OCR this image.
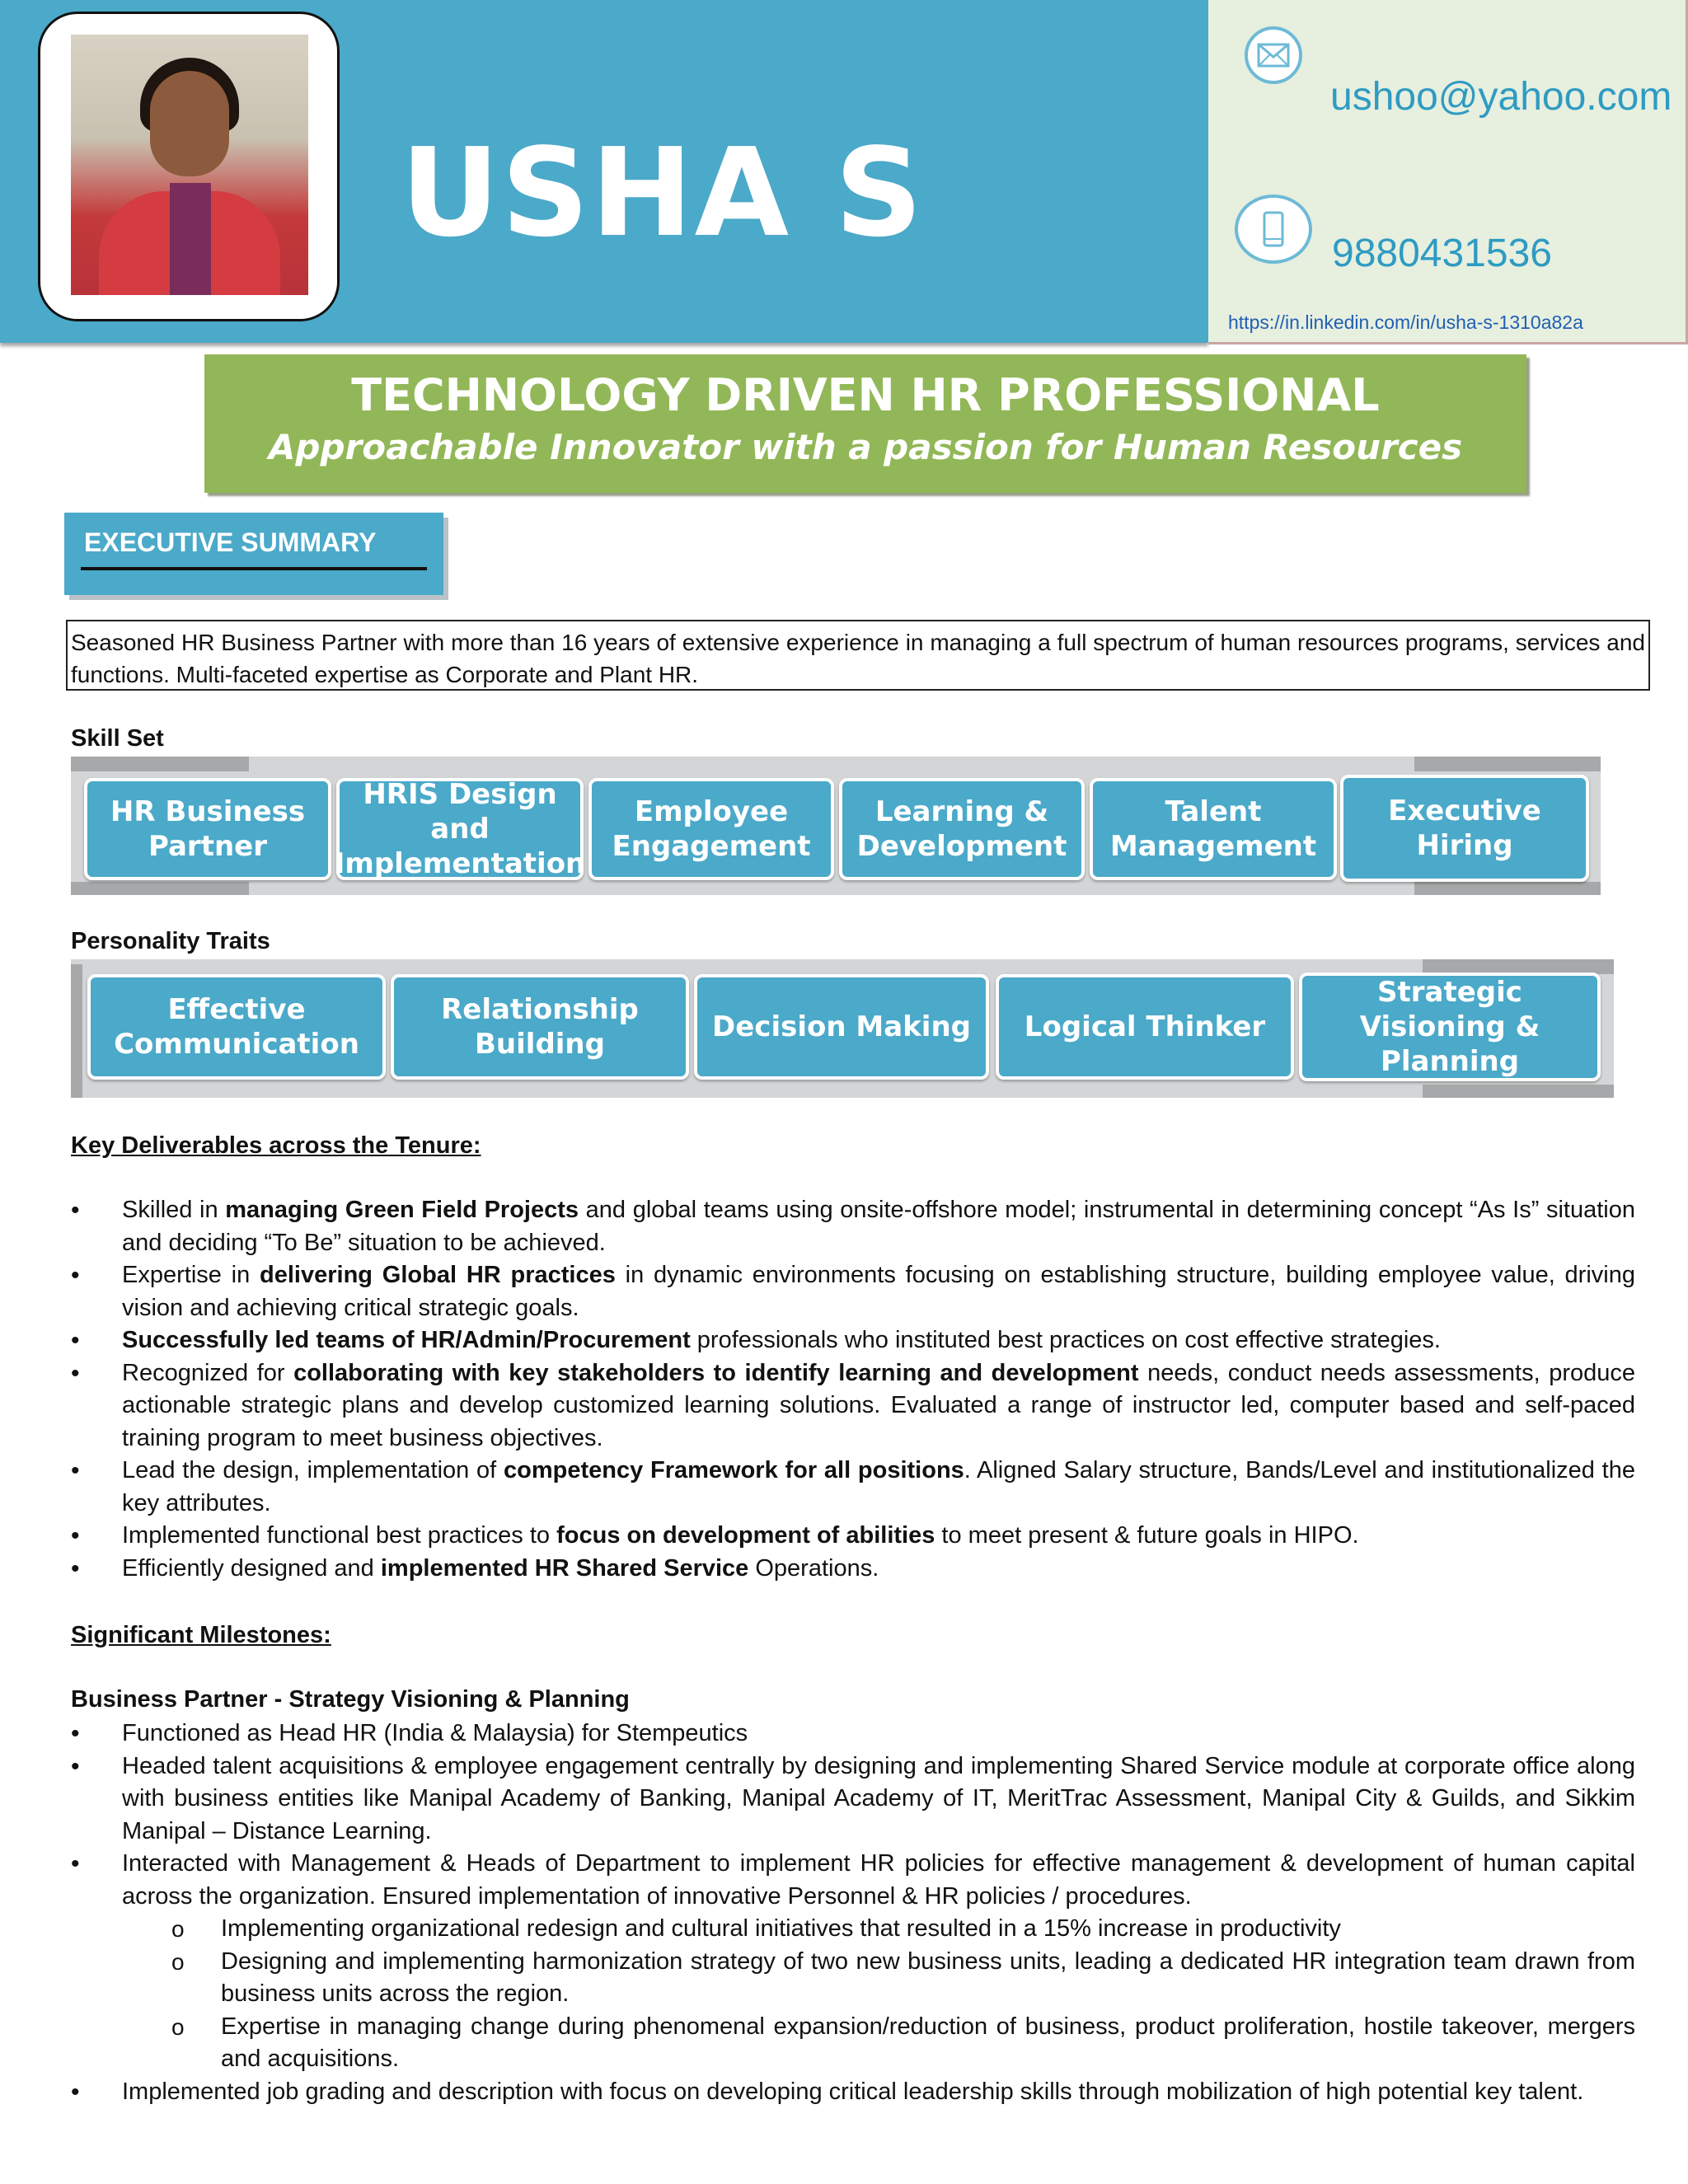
USHA S
ushoo@yahoo.com
9880431536
https://in.linkedin.com/in/usha-s-1310a82a
TECHNOLOGY DRIVEN HR PROFESSIONAL
Approachable Innovator with a passion for Human Resources
EXECUTIVE SUMMARY
Seasoned HR Business Partner with more than 16 years of extensive experience in managing a full spectrum of human resources programs, services and functions. Multi-faceted expertise as Corporate and Plant HR.
Skill Set
HR Business Partner
HRIS Design and Implementation
Employee Engagement
Learning & Development
Talent Management
Executive Hiring
Personality Traits
Effective Communication
Relationship Building
Decision Making	Logical Thinker
Strategic Visioning & Planning
Key Deliverables across the Tenure:
• Skilled in managing Green Field Projects and global teams using onsite-offshore model; instrumental in determining concept “As Is” situation and deciding “To Be” situation to be achieved.
• Expertise in delivering Global HR practices in dynamic environments focusing on establishing structure, building employee value, driving vision and achieving critical strategic goals.
• Successfully led teams of HR/Admin/Procurement professionals who instituted best practices on cost effective strategies.
• Recognized for collaborating with key stakeholders to identify learning and development needs, conduct needs assessments, produce actionable strategic plans and develop customized learning solutions. Evaluated a range of instructor led, computer based and self-paced training program to meet business objectives.
• Lead the design, implementation of competency Framework for all positions. Aligned Salary structure, Bands/Level and institutionalized the key attributes.
• Implemented functional best practices to focus on development of abilities to meet present & future goals in HIPO.
• Efficiently designed and implemented HR Shared Service Operations.
Significant Milestones:
Business Partner - Strategy Visioning & Planning
• Functioned as Head HR (India & Malaysia) for Stempeutics
• Headed talent acquisitions & employee engagement centrally by designing and implementing Shared Service module at corporate office along with business entities like Manipal Academy of Banking, Manipal Academy of IT, MeritTrac Assessment, Manipal City & Guilds, and Sikkim Manipal – Distance Learning.
• Interacted with Management & Heads of Department to implement HR policies for effective management & development of human capital across the organization. Ensured implementation of innovative Personnel & HR policies / procedures.
o Implementing organizational redesign and cultural initiatives that resulted in a 15% increase in productivity
o Designing and implementing harmonization strategy of two new business units, leading a dedicated HR integration team drawn from business units across the region.
o Expertise in managing change during phenomenal expansion/reduction of business, product proliferation, hostile takeover, mergers and acquisitions.
• Implemented job grading and description with focus on developing critical leadership skills through mobilization of high potential key talent.
